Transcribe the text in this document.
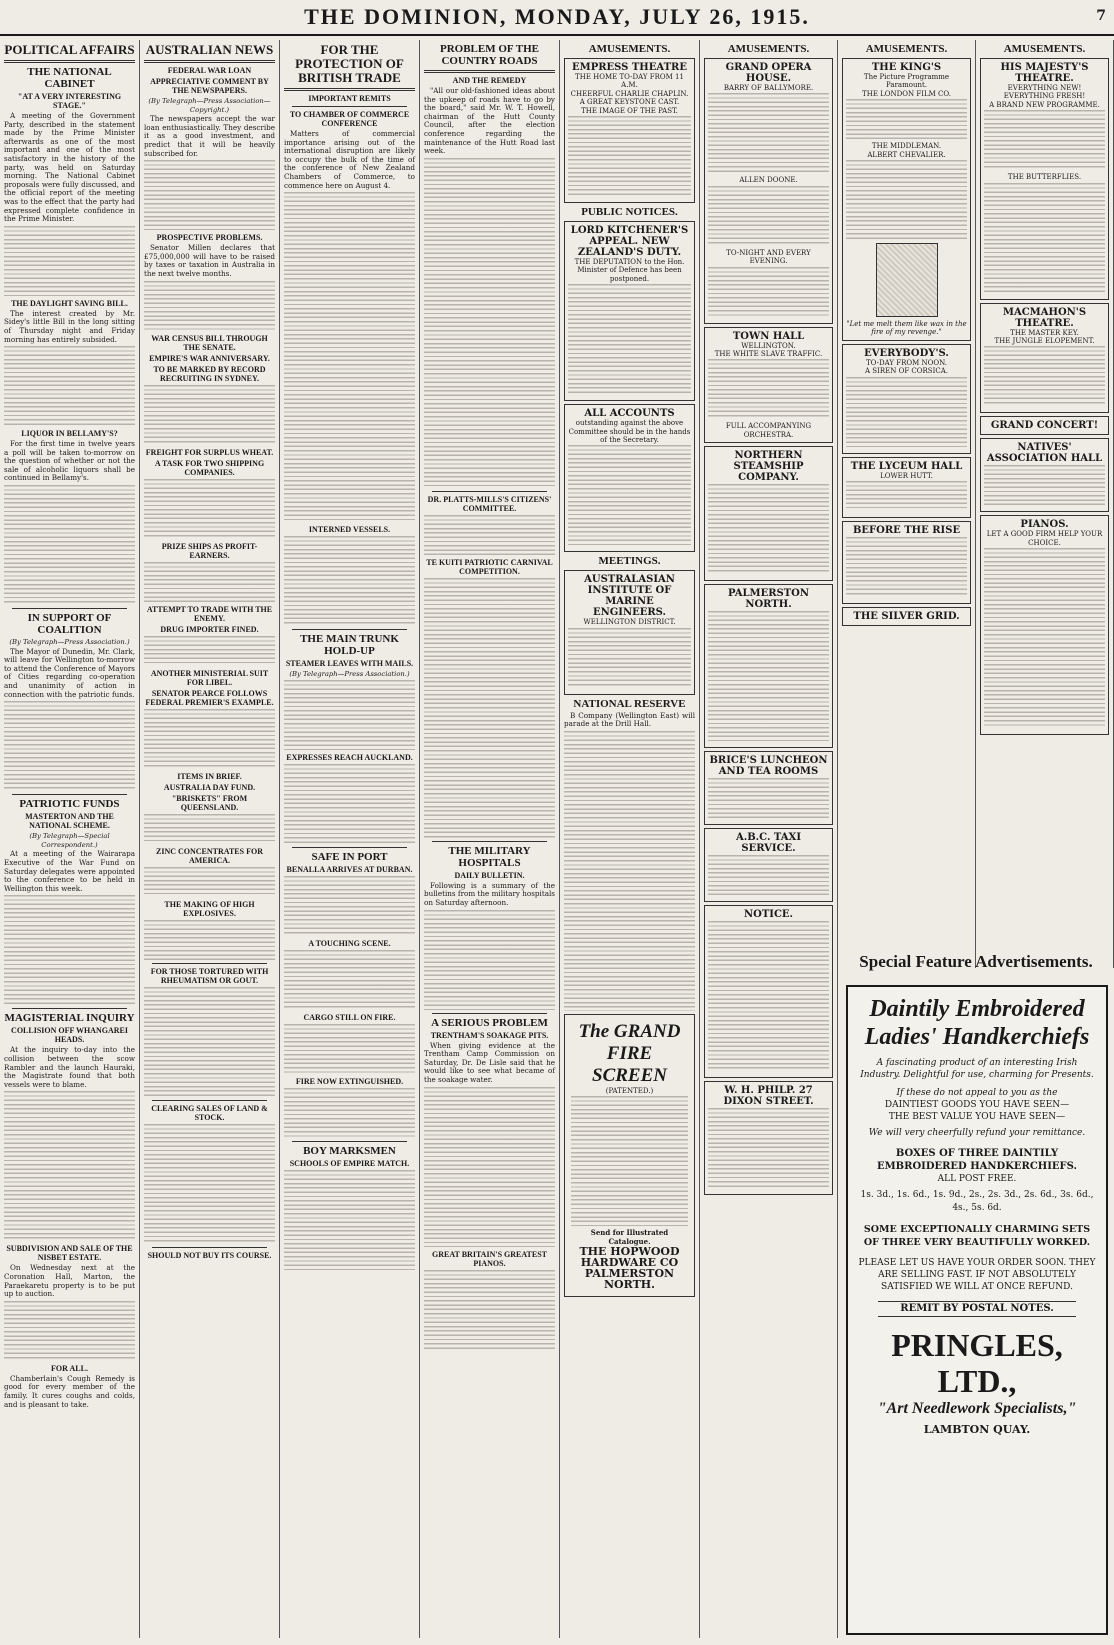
THE DOMINION, MONDAY, JULY 26, 1915.	7
POLITICAL AFFAIRS
THE NATIONAL CABINET
"AT A VERY INTERESTING STAGE."
A meeting of the Government Party, described in the statement made by the Prime Minister afterwards as one of the most important and one of the most satisfactory in the history of the party, was held on Saturday morning. The National Cabinet proposals were fully discussed, and the official report of the meeting was to the effect that the party had expressed complete confidence in the Prime Minister.
THE DAYLIGHT SAVING BILL.
The interest created by Mr. Sidey's little Bill in the long sitting of Thursday night and Friday morning has entirely subsided.
LIQUOR IN BELLAMY'S?
For the first time in twelve years a poll will be taken to-morrow on the question of whether or not the sale of alcoholic liquors shall be continued in Bellamy's.
IN SUPPORT OF COALITION
(By Telegraph—Press Association.)
The Mayor of Dunedin, Mr. Clark, will leave for Wellington to-morrow to attend the Conference of Mayors of Cities regarding co-operation and unanimity of action in connection with the patriotic funds.
PATRIOTIC FUNDS
MASTERTON AND THE NATIONAL SCHEME.
(By Telegraph—Special Correspondent.)
At a meeting of the Wairarapa Executive of the War Fund on Saturday delegates were appointed to the conference to be held in Wellington this week.
MAGISTERIAL INQUIRY
COLLISION OFF WHANGAREI HEADS.
At the inquiry to-day into the collision between the scow Rambler and the launch Hauraki, the Magistrate found that both vessels were to blame.
SUBDIVISION AND SALE OF THE NISBET ESTATE.
On Wednesday next at the Coronation Hall, Marton, the Paraekaretu property is to be put up to auction.
FOR ALL.
Chamberlain's Cough Remedy is good for every member of the family. It cures coughs and colds, and is pleasant to take.
AUSTRALIAN NEWS
FEDERAL WAR LOAN
APPRECIATIVE COMMENT BY THE NEWSPAPERS.
(By Telegraph—Press Association—Copyright.)
The newspapers accept the war loan enthusiastically. They describe it as a good investment, and predict that it will be heavily subscribed for.
PROSPECTIVE PROBLEMS.
Senator Millen declares that £75,000,000 will have to be raised by taxes or taxation in Australia in the next twelve months.
WAR CENSUS BILL THROUGH THE SENATE.
EMPIRE'S WAR ANNIVERSARY.
TO BE MARKED BY RECORD RECRUITING IN SYDNEY.
FREIGHT FOR SURPLUS WHEAT.
A TASK FOR TWO SHIPPING COMPANIES.
PRIZE SHIPS AS PROFIT-EARNERS.
ATTEMPT TO TRADE WITH THE ENEMY.
DRUG IMPORTER FINED.
ANOTHER MINISTERIAL SUIT FOR LIBEL.
SENATOR PEARCE FOLLOWS FEDERAL PREMIER'S EXAMPLE.
ITEMS IN BRIEF.
AUSTRALIA DAY FUND.
"BRISKETS" FROM QUEENSLAND.
ZINC CONCENTRATES FOR AMERICA.
THE MAKING OF HIGH EXPLOSIVES.
FOR THOSE TORTURED WITH RHEUMATISM OR GOUT.
CLEARING SALES OF LAND & STOCK.
SHOULD NOT BUY ITS COURSE.
FOR THE PROTECTION OF BRITISH TRADE
IMPORTANT REMITS
TO CHAMBER OF COMMERCE CONFERENCE
Matters of commercial importance arising out of the international disruption are likely to occupy the bulk of the time of the conference of New Zealand Chambers of Commerce, to commence here on August 4.
INTERNED VESSELS.
THE MAIN TRUNK HOLD-UP
STEAMER LEAVES WITH MAILS.
(By Telegraph—Press Association.)
EXPRESSES REACH AUCKLAND.
SAFE IN PORT
BENALLA ARRIVES AT DURBAN.
A TOUCHING SCENE.
CARGO STILL ON FIRE.
FIRE NOW EXTINGUISHED.
BOY MARKSMEN
SCHOOLS OF EMPIRE MATCH.
PROBLEM OF THE COUNTRY ROADS
AND THE REMEDY
"All our old-fashioned ideas about the upkeep of roads have to go by the board," said Mr. W. T. Howell, chairman of the Hutt County Council, after the election conference regarding the maintenance of the Hutt Road last week.
DR. PLATTS-MILLS'S CITIZENS' COMMITTEE.
TE KUITI PATRIOTIC CARNIVAL COMPETITION.
THE MILITARY HOSPITALS
DAILY BULLETIN.
Following is a summary of the bulletins from the military hospitals on Saturday afternoon.
A SERIOUS PROBLEM
TRENTHAM'S SOAKAGE PITS.
When giving evidence at the Trentham Camp Commission on Saturday, Dr. De Lisle said that he would like to see what became of the soakage water.
GREAT BRITAIN'S GREATEST PIANOS.
AMUSEMENTS.
EMPRESS THEATRE
THE HOME TO-DAY FROM 11 A.M.
CHEERFUL CHARLIE CHAPLIN.
A GREAT KEYSTONE CAST.
THE IMAGE OF THE PAST.
PUBLIC NOTICES.
LORD KITCHENER'S APPEAL. NEW ZEALAND'S DUTY.
THE DEPUTATION to the Hon. Minister of Defence has been postponed.
ALL ACCOUNTS
outstanding against the above Committee should be in the hands of the Secretary.
MEETINGS.
AUSTRALASIAN INSTITUTE OF MARINE ENGINEERS.
WELLINGTON DISTRICT.
NATIONAL RESERVE
B Company (Wellington East) will parade at the Drill Hall.
The GRAND FIRE SCREEN
(PATENTED.)
Send for Illustrated Catalogue.
THE HOPWOOD HARDWARE CO PALMERSTON NORTH.
AMUSEMENTS.
GRAND OPERA HOUSE.
BARRY OF BALLYMORE.
ALLEN DOONE.
TO-NIGHT AND EVERY EVENING.
TOWN HALL
WELLINGTON.
THE WHITE SLAVE TRAFFIC.
FULL ACCOMPANYING ORCHESTRA.
NORTHERN STEAMSHIP COMPANY.
PALMERSTON NORTH.
BRICE'S LUNCHEON AND TEA ROOMS
A.B.C. TAXI SERVICE.
NOTICE.
W. H. PHILP. 27 DIXON STREET.
AMUSEMENTS.
THE KING'S
The Picture Programme Paramount.
THE LONDON FILM CO.
THE MIDDLEMAN.
ALBERT CHEVALIER.
"Let me melt them like wax in the fire of my revenge."
EVERYBODY'S.
TO-DAY FROM NOON.
A SIREN OF CORSICA.
THE LYCEUM HALL
LOWER HUTT.
BEFORE THE RISE
THE SILVER GRID.
AMUSEMENTS.
HIS MAJESTY'S THEATRE.
EVERYTHING NEW! EVERYTHING FRESH!
A BRAND NEW PROGRAMME.
THE BUTTERFLIES.
MACMAHON'S THEATRE.
THE MASTER KEY.
THE JUNGLE ELOPEMENT.
GRAND CONCERT!
NATIVES' ASSOCIATION HALL
PIANOS.
LET A GOOD FIRM HELP YOUR CHOICE.
Special Feature Advertisements.
Daintily Embroidered
Ladies' Handkerchiefs
A fascinating product of an interesting Irish Industry. Delightful for use, charming for Presents.
If these do not appeal to you as the
DAINTIEST GOODS YOU HAVE SEEN—
THE BEST VALUE YOU HAVE SEEN—
We will very cheerfully refund your remittance.
BOXES OF THREE DAINTILY EMBROIDERED HANDKERCHIEFS.
ALL POST FREE.
1s. 3d., 1s. 6d., 1s. 9d., 2s., 2s. 3d., 2s. 6d., 3s. 6d., 4s., 5s. 6d.
SOME EXCEPTIONALLY CHARMING SETS OF THREE VERY BEAUTIFULLY WORKED.
PLEASE LET US HAVE YOUR ORDER SOON. THEY ARE SELLING FAST. IF NOT ABSOLUTELY SATISFIED WE WILL AT ONCE REFUND.
REMIT BY POSTAL NOTES.
PRINGLES, LTD.,
"Art Needlework Specialists,"
LAMBTON QUAY.
